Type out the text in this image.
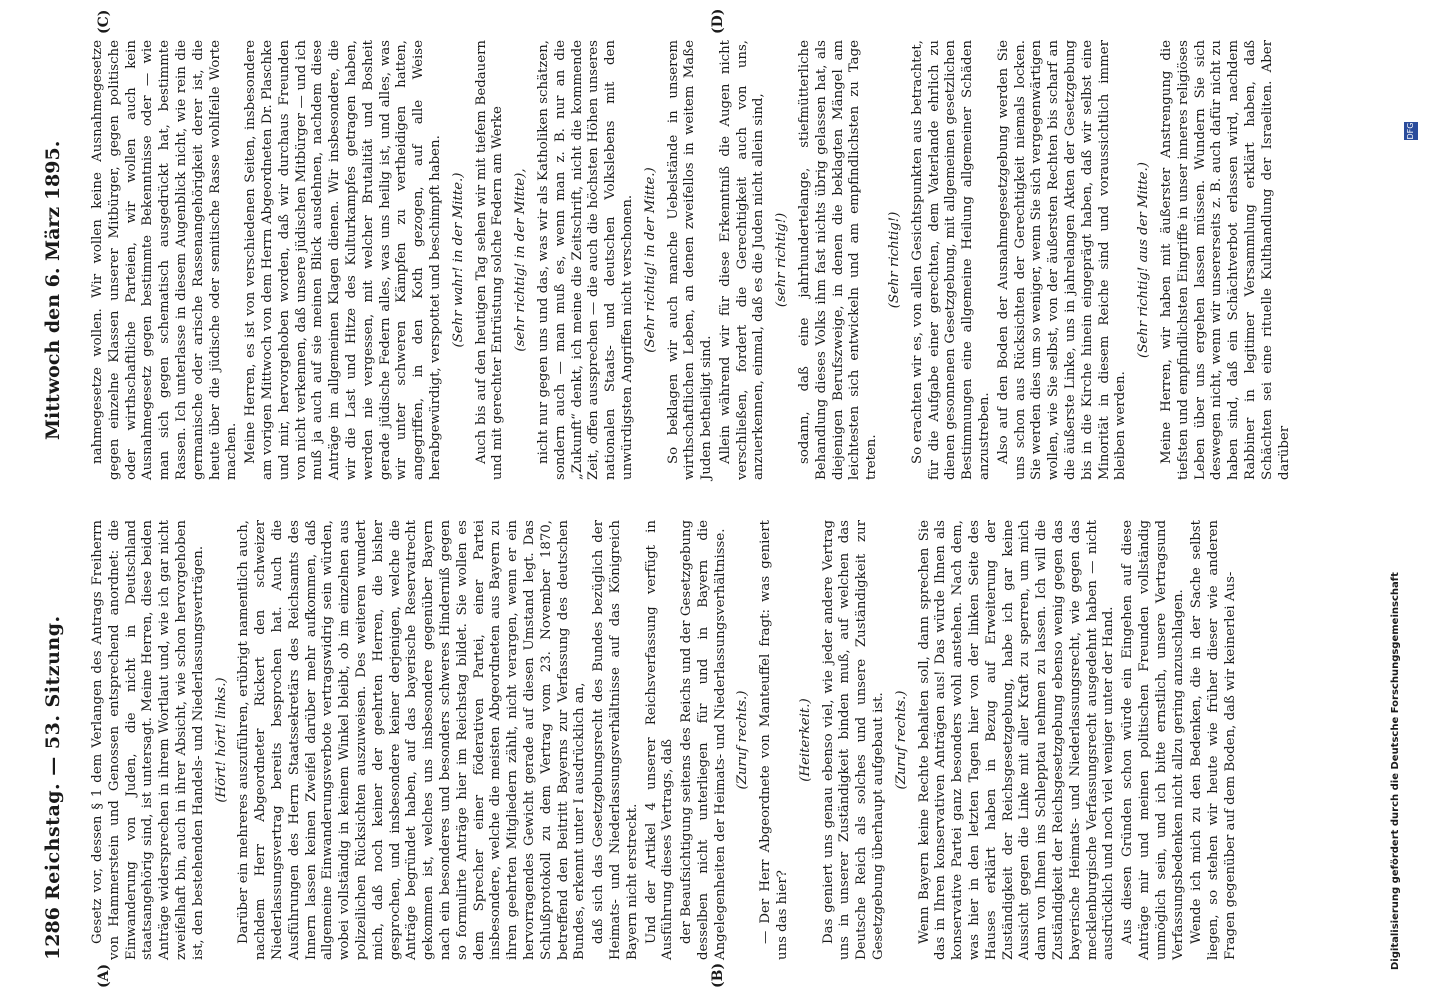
1286
Reichstag. — 53. Sitzung.
Mittwoch den 6. März 1895.
(A)	(B)
(C)	(D)
Gesetz vor, dessen § 1 dem Verlangen des Antrags Freiherrn von Hammerstein und Genossen entsprechend anordnet: die Einwanderung von Juden, die nicht in Deutschland staatsangehörig sind, ist untersagt. Meine Herren, diese beiden Anträge widersprechen in ihrem Wortlaut und, wie ich gar nicht zweifelhaft bin, auch in ihrer Absicht, wie schon hervorgehoben ist, den bestehenden Handels- und Niederlassungsverträgen. (Hört! hört! links.) Darüber ein mehreres auszuführen, erübrigt namentlich auch, nachdem Herr Abgeordneter Rickert den schweizer Niederlassungsvertrag bereits besprochen hat. Auch die Ausführungen des Herrn Staatssekretärs des Reichsamts des Innern lassen keinen Zweifel darüber mehr aufkommen, daß allgemeine Einwanderungsverbote vertragswidrig sein würden, wobei vollständig in keinem Winkel bleibt, ob im einzelnen aus polizeilichen Rücksichten auszuweisen. Des weiteren wundert mich, daß noch keiner der geehrten Herren, die bisher gesprochen, und insbesondere keiner derjenigen, welche die Anträge begründet haben, auf das bayerische Reservatrecht gekommen ist, welches uns insbesondere gegenüber Bayern nach ein besonderes und besonders schweres Hinderniß gegen so formulirte Anträge hier im Reichstag bildet. Sie wollen es dem Sprecher einer föderativen Partei, einer Partei insbesondere, welche die meisten Abgeordneten aus Bayern zu ihren geehrten Mitgliedern zählt, nicht verargen, wenn er ein hervorragendes Gewicht gerade auf diesen Umstand legt. Das Schlußprotokoll zu dem Vertrag vom 23. November 1870, betreffend den Beitritt Bayerns zur Verfassung des deutschen Bundes, erkennt unter I ausdrücklich an, daß sich das Gesetzgebungsrecht des Bundes bezüglich der Heimats- und Niederlassungsverhältnisse auf das Königreich Bayern nicht erstreckt. Und der Artikel 4 unserer Reichsverfassung verfügt in Ausführung dieses Vertrags, daß der Beaufsichtigung seitens des Reichs und der Gesetzgebung desselben nicht unterliegen für und in Bayern die Angelegenheiten der Heimats- und Niederlassungsverhältnisse. (Zuruf rechts.) — Der Herr Abgeordnete von Manteuffel fragt: was geniert uns das hier?
(Heiterkeit.) Das geniert uns genau ebenso viel, wie jeder andere Vertrag uns in unserer Zuständigkeit binden muß, auf welchen das Deutsche Reich als solches und unsere Zuständigkeit zur Gesetzgebung überhaupt aufgebaut ist. (Zuruf rechts.) Wenn Bayern keine Rechte behalten soll, dann sprechen Sie das in Ihren konservativen Anträgen aus! Das würde Ihnen als konservative Partei ganz besonders wohl anstehen. Nach dem, was hier in den letzten Tagen hier von der linken Seite des Hauses erklärt haben in Bezug auf Erweiterung der Zuständigkeit der Reichsgesetzgebung, habe ich gar keine Aussicht gegen die Linke mit aller Kraft zu sperren, um mich dann von Ihnen ins Schlepptau nehmen zu lassen. Ich will die Zuständigkeit der Reichsgesetzgebung ebenso wenig gegen das bayerische Heimats- und Niederlassungsrecht, wie gegen das mecklenburgische Verfassungsrecht ausgedehnt haben — nicht ausdrücklich und noch viel weniger unter der Hand. Aus diesen Gründen schon würde ein Eingehen auf diese Anträge mir und meinen politischen Freunden vollständig unmöglich sein, und ich bitte ernstlich, unsere Vertragsund Verfassungsbedenken nicht allzu gering anzuschlagen. Wende ich mich zu den Bedenken, die in der Sache selbst liegen, so stehen wir heute wie früher dieser wie anderen Fragen gegenüber auf dem Boden, daß wir keinerlei Aus-
nahmegesetze wollen. Wir wollen keine Ausnahmegesetze gegen einzelne Klassen unserer Mitbürger, gegen politische oder wirthschaftliche Parteien, wir wollen auch kein Ausnahmegesetz gegen bestimmte Bekenntnisse oder — wie man sich gegen schematisch ausgedrückt hat, bestimmte Rassen. Ich unterlasse in diesem Augenblick nicht, wie rein die germanische oder arische Rassenangehörigkeit derer ist, die heute über die jüdische oder semitische Rasse wohlfeile Worte machen. Meine Herren, es ist von verschiedenen Seiten, insbesondere am vorigen Mittwoch von dem Herrn Abgeordneten Dr. Plaschke und mir, hervorgehoben worden, daß wir durchaus Freunden von nicht verkennen, daß unsere jüdischen Mitbürger — und ich muß ja auch auf sie meinen Blick ausdehnen, nachdem diese Anträge im allgemeinen Klagen dienen. Wir insbesondere, die wir die Last und Hitze des Kulturkampfes getragen haben, werden nie vergessen, mit welcher Brutalität und Bosheit gerade jüdische Federn alles, was uns heilig ist, und alles, was wir unter schweren Kämpfen zu vertheidigen hatten, angegriffen, in den Koth gezogen, auf alle Weise herabgewürdigt, verspottet und beschimpft haben. (Sehr wahr! in der Mitte.) Auch bis auf den heutigen Tag sehen wir mit tiefem Bedauern und mit gerechter Entrüstung solche Federn am Werke (sehr richtig! in der Mitte), nicht nur gegen uns und das, was wir als Katholiken schätzen, sondern auch — man muß es, wenn man z. B. nur an die „Zukunft“ denkt, ich meine die Zeitschrift, nicht die kommende Zeit, offen aussprechen — die auch die höchsten Höhen unseres nationalen Staats- und deutschen Volkslebens mit den unwürdigsten Angriffen nicht verschonen. (Sehr richtig! in der Mitte.) So beklagen wir auch manche Uebelstände in unserem wirthschaftlichen Leben, an denen zweifellos in weitem Maße Juden betheiligt sind. Allein während wir für diese Erkenntniß die Augen nicht verschließen, fordert die Gerechtigkeit auch von uns, anzuerkennen, einmal, daß es die Juden nicht allein sind, (sehr richtig!) sodann, daß eine jahrhundertelange, stiefmütterliche Behandlung dieses Volks ihm fast nichts übrig gelassen hat, als diejenigen Berufszweige, in denen die beklagten Mängel am leichtesten sich entwickeln und am empfindlichsten zu Tage treten.
(Sehr richtig!) So erachten wir es, von allen Gesichtspunkten aus betrachtet, für die Aufgabe einer gerechten, dem Vaterlande ehrlich zu dienen gesonnenen Gesetzgebung, mit allgemeinen gesetzlichen Bestimmungen eine allgemeine Heilung allgemeiner Schäden anzustreben. Also auf den Boden der Ausnahmegesetzgebung werden Sie uns schon aus Rücksichten der Gerechtigkeit niemals locken. Sie werden dies um so weniger, wenn Sie sich vergegenwärtigen wollen, wie Sie selbst, von der äußersten Rechten bis scharf an die äußerste Linke, uns in jahrelangen Akten der Gesetzgebung bis in die Kirche hinein eingeprägt haben, daß wir selbst eine Minorität in diesem Reiche sind und voraussichtlich immer bleiben werden.
(Sehr richtig! aus der Mitte.) Meine Herren, wir haben mit äußerster Anstrengung die tiefsten und empfindlichsten Eingriffe in unser inneres religiöses Leben über uns ergehen lassen müssen. Wundern Sie sich deswegen nicht, wenn wir unsererseits z. B. auch dafür nicht zu haben sind, daß ein Schächtverbot erlassen wird, nachdem Rabbiner in legitimer Versammlung erklärt haben, daß Schächten sei eine rituelle Kulthandlung der Israeliten. Aber darüber
Digitalisierung gefördert durch die Deutsche Forschungsgemeinschaft
DFG
